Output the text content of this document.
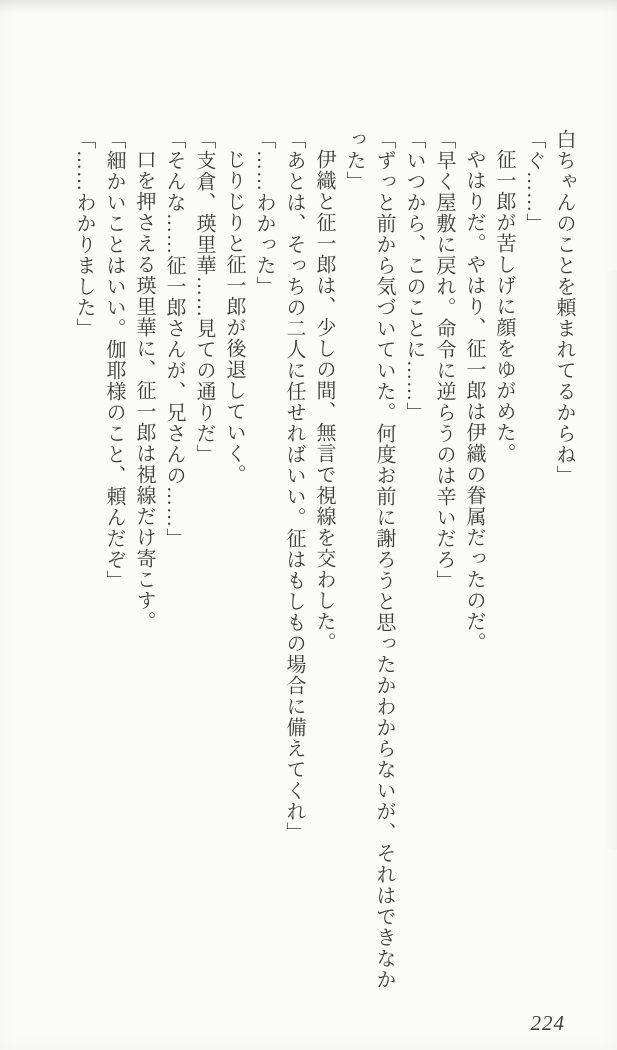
白ちゃんのことを頼まれてるからね」

「ぐ……」

征一郎が苦しげに顔をゆがめた。

やはりだ。やはり、征一郎は伊織の眷属だったのだ。

「早く屋敷に戻れ。命令に逆らうのは辛いだろ」

「いつから、このことに……」

「ずっと前から気づいていた。何度お前に謝ろうと思ったかわからないが、それはできなかった」

伊織と征一郎は、少しの間、無言で視線を交わした。

「あとは、そっちの二人に任せればいい。征はもしもの場合に備えてくれ」

「……わかった」

じりじりと征一郎が後退していく。

「支倉、瑛里華……見ての通りだ」

「そんな……征一郎さんが、兄さんの……」

口を押さえる瑛里華に、征一郎は視線だけ寄こす。

「細かいことはいい。伽耶様のこと、頼んだぞ」

「……わかりました」

224
